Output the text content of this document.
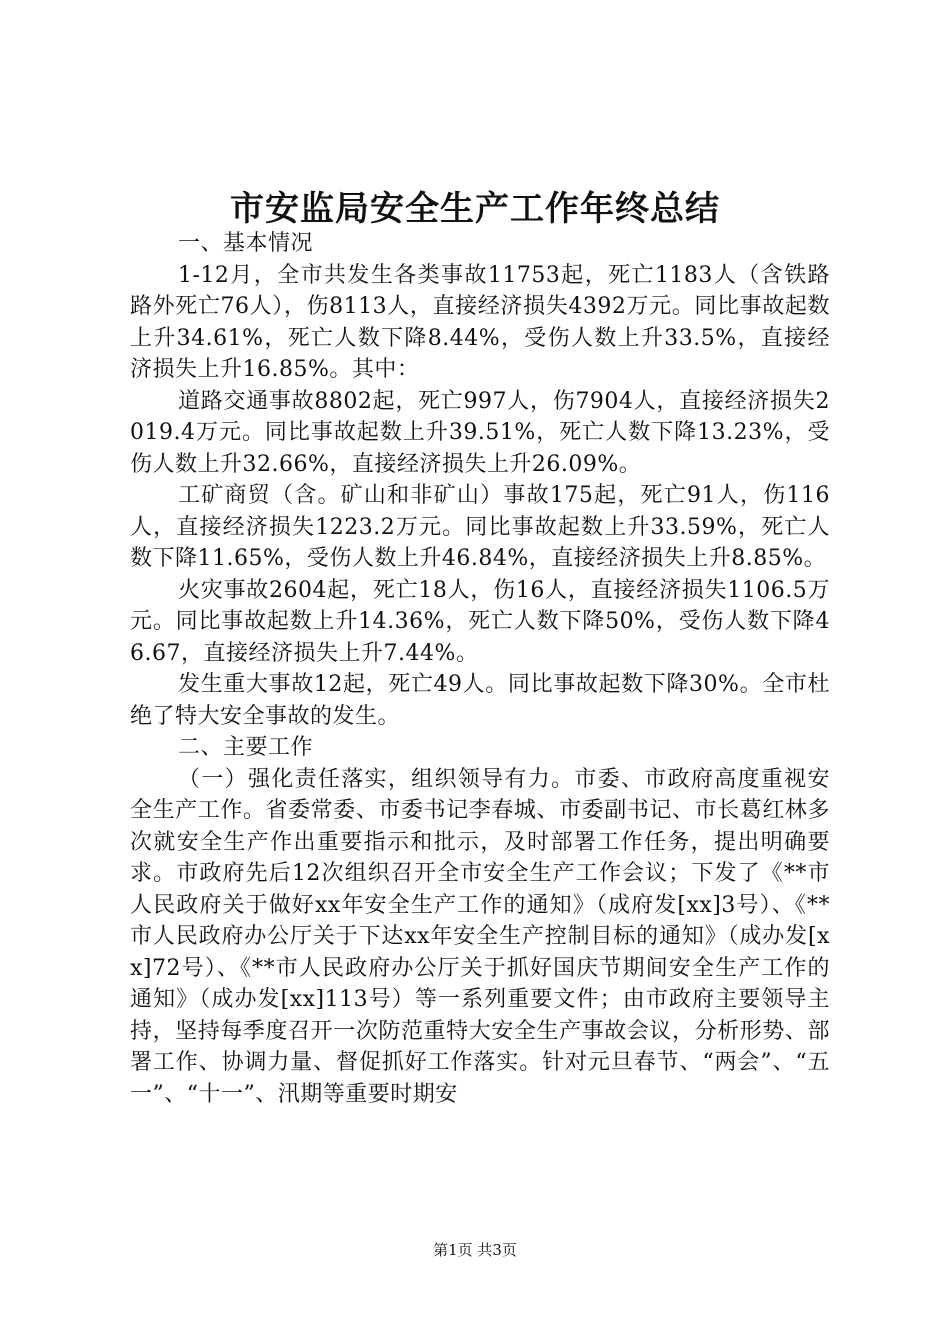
市安监局安全生产工作年终总结

一、基本情况

1-12月，全市共发生各类事故11753起，死亡1183人（含铁路路外死亡76人），伤8113人，直接经济损失4392万元。同比事故起数上升34.61%，死亡人数下降8.44%，受伤人数上升33.5%，直接经济损失上升16.85%。其中：

道路交通事故8802起，死亡997人，伤7904人，直接经济损失2019.4万元。同比事故起数上升39.51%，死亡人数下降13.23%，受伤人数上升32.66%，直接经济损失上升26.09%。

工矿商贸（含。矿山和非矿山）事故175起，死亡91人，伤116人，直接经济损失1223.2万元。同比事故起数上升33.59%，死亡人数下降11.65%，受伤人数上升46.84%，直接经济损失上升8.85%。

火灾事故2604起，死亡18人，伤16人，直接经济损失1106.5万元。同比事故起数上升14.36%，死亡人数下降50%，受伤人数下降46.67，直接经济损失上升7.44%。

发生重大事故12起，死亡49人。同比事故起数下降30%。全市杜绝了特大安全事故的发生。

二、主要工作

（一）强化责任落实，组织领导有力。市委、市政府高度重视安全生产工作。省委常委、市委书记李春城、市委副书记、市长葛红林多次就安全生产作出重要指示和批示，及时部署工作任务，提出明确要求。市政府先后12次组织召开全市安全生产工作会议；下发了《**市人民政府关于做好xx年安全生产工作的通知》（成府发[xx]3号）、《**市人民政府办公厅关于下达xx年安全生产控制目标的通知》（成办发[xx]72号）、《**市人民政府办公厅关于抓好国庆节期间安全生产工作的通知》（成办发[xx]113号）等一系列重要文件；由市政府主要领导主持，坚持每季度召开一次防范重特大安全生产事故会议，分析形势、部署工作、协调力量、督促抓好工作落实。针对元旦春节、“两会”、“五一”、“十一”、汛期等重要时期安

第1页 共3页
